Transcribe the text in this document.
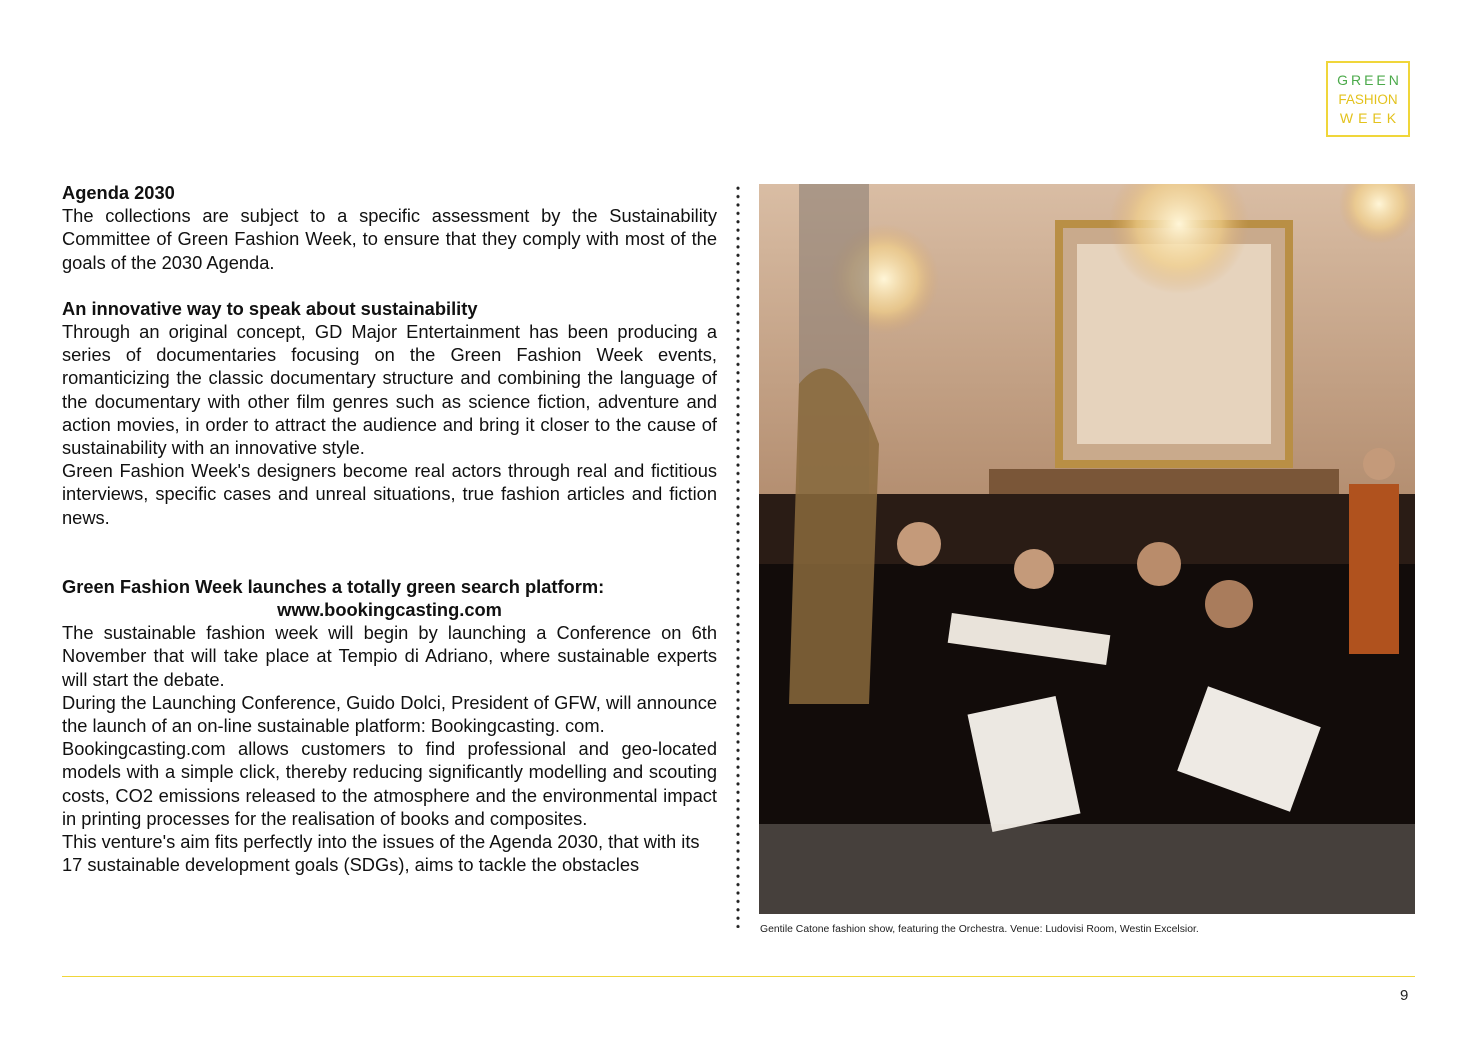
GREEN
FASHION
WEEK
Agenda 2030

The collections are subject to a specific assessment by the Sustainability Committee of Green Fashion Week, to ensure that they comply with most of the goals of the 2030 Agenda.

An innovative way to speak about sustainability

Through an original concept, GD Major Entertainment has been producing a series of documentaries focusing on the Green Fashion Week events, romanticizing the classic documentary structure and combining the language of the documentary with other film genres such as science fiction, adventure and action movies, in order to attract the audience and bring it closer to the cause of sustainability with an innovative style.

Green Fashion Week's designers become real actors through real and fictitious interviews, specific cases and unreal situations, true fashion articles and fiction news.

Green Fashion Week launches a totally green search platform:
www.bookingcasting.com

The sustainable fashion week will begin by launching a Conference on 6th November that will take place at Tempio di Adriano, where sustainable experts will start the debate.

During the Launching Conference, Guido Dolci, President of GFW, will announce the launch of an on-line sustainable platform: Bookingcasting. com.

Bookingcasting.com allows customers to find professional and geo-located models with a simple click, thereby reducing significantly modelling and scouting costs, CO2 emissions released to the atmosphere and the environmental impact in printing processes for the realisation of books and composites.

This venture's aim fits perfectly into the issues of the Agenda 2030, that with its 17 sustainable development goals (SDGs), aims to tackle the obstacles

Gentile Catone fashion show, featuring the Orchestra. Venue: Ludovisi Room, Westin Excelsior.
9
